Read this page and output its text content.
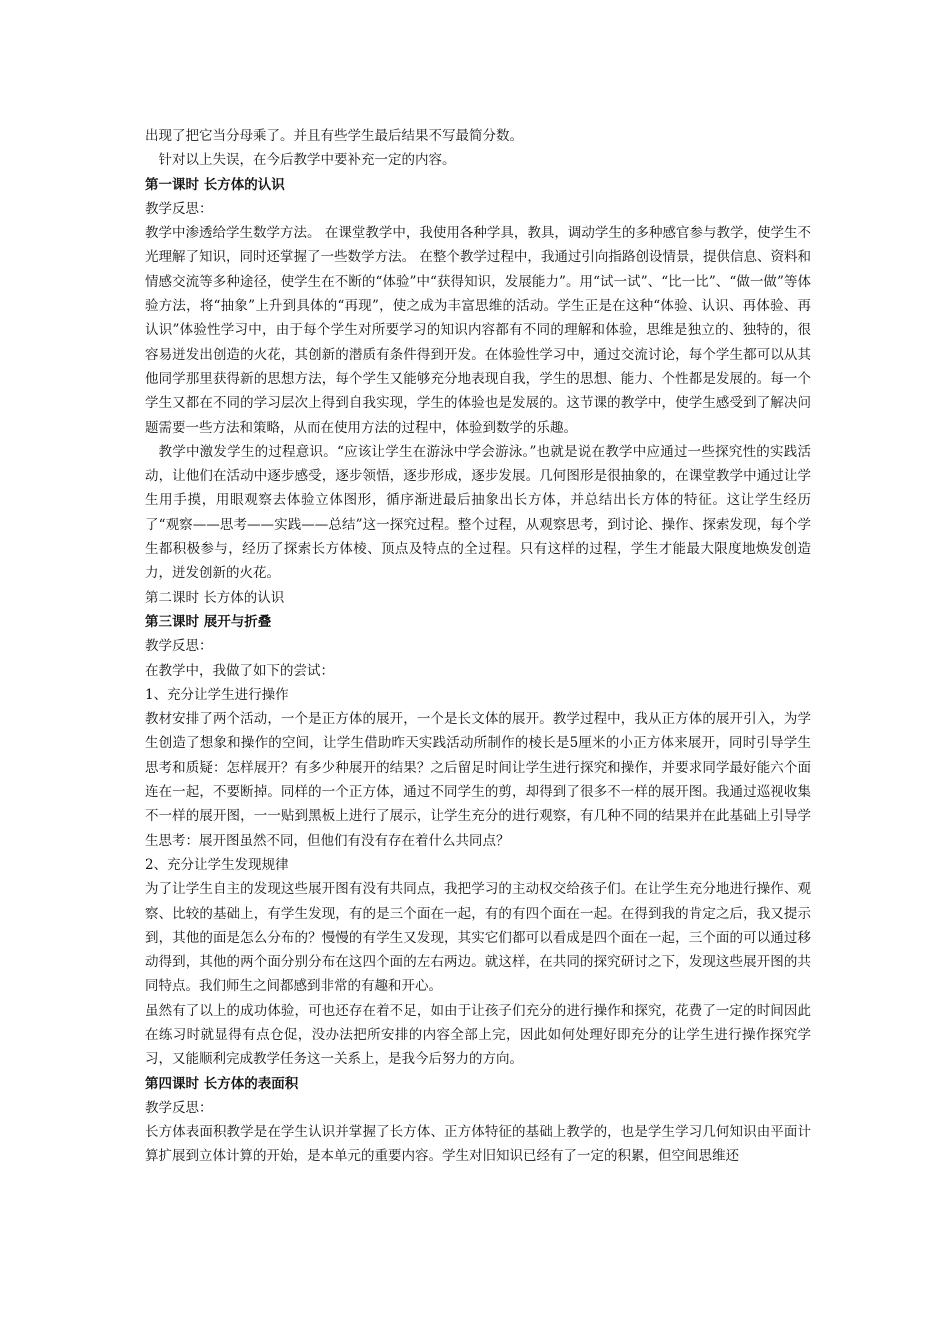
出现了把它当分母乘了。并且有些学生最后结果不写最简分数。

针对以上失误，在今后教学中要补充一定的内容。

第一课时 长方体的认识

教学反思：

教学中渗透给学生数学方法。 在课堂教学中，我使用各种学具，教具，调动学生的多种感官参与教学，使学生不光理解了知识，同时还掌握了一些数学方法。 在整个教学过程中，我通过引向指路创设情景，提供信息、资料和情感交流等多种途径，使学生在不断的“体验”中“获得知识，发展能力”。用“试一试”、“比一比”、“做一做”等体验方法，将“抽象”上升到具体的“再现”，使之成为丰富思维的活动。学生正是在这种“体验、认识、再体验、再认识”体验性学习中，由于每个学生对所要学习的知识内容都有不同的理解和体验，思维是独立的、独特的，很容易迸发出创造的火花，其创新的潜质有条件得到开发。在体验性学习中，通过交流讨论，每个学生都可以从其他同学那里获得新的思想方法，每个学生又能够充分地表现自我，学生的思想、能力、个性都是发展的。每一个学生又都在不同的学习层次上得到自我实现，学生的体验也是发展的。这节课的教学中，使学生感受到了解决问题需要一些方法和策略，从而在使用方法的过程中，体验到数学的乐趣。

教学中激发学生的过程意识。“应该让学生在游泳中学会游泳。”也就是说在教学中应通过一些探究性的实践活动，让他们在活动中逐步感受，逐步领悟，逐步形成，逐步发展。几何图形是很抽象的，在课堂教学中通过让学生用手摸，用眼观察去体验立体图形，循序渐进最后抽象出长方体，并总结出长方体的特征。这让学生经历了“观察——思考——实践——总结”这一探究过程。整个过程，从观察思考，到讨论、操作、探索发现，每个学生都积极参与，经历了探索长方体棱、顶点及特点的全过程。只有这样的过程，学生才能最大限度地焕发创造力，迸发创新的火花。

第二课时 长方体的认识

第三课时 展开与折叠

教学反思：

在教学中，我做了如下的尝试：

1、充分让学生进行操作

教材安排了两个活动，一个是正方体的展开，一个是长文体的展开。教学过程中，我从正方体的展开引入，为学生创造了想象和操作的空间，让学生借助昨天实践活动所制作的棱长是5厘米的小正方体来展开，同时引导学生思考和质疑：怎样展开？有多少种展开的结果？之后留足时间让学生进行探究和操作，并要求同学最好能六个面连在一起，不要断掉。同样的一个正方体，通过不同学生的剪，却得到了很多不一样的展开图。我通过巡视收集不一样的展开图，一一贴到黑板上进行了展示，让学生充分的进行观察，有几种不同的结果并在此基础上引导学生思考：展开图虽然不同，但他们有没有存在着什么共同点？

2、充分让学生发现规律

为了让学生自主的发现这些展开图有没有共同点，我把学习的主动权交给孩子们。在让学生充分地进行操作、观察、比较的基础上，有学生发现，有的是三个面在一起，有的有四个面在一起。在得到我的肯定之后，我又提示到，其他的面是怎么分布的？慢慢的有学生又发现，其实它们都可以看成是四个面在一起，三个面的可以通过移动得到，其他的两个面分别分布在这四个面的左右两边。就这样，在共同的探究研讨之下，发现这些展开图的共同特点。我们师生之间都感到非常的有趣和开心。

虽然有了以上的成功体验，可也还存在着不足，如由于让孩子们充分的进行操作和探究，花费了一定的时间因此在练习时就显得有点仓促，没办法把所安排的内容全部上完，因此如何处理好即充分的让学生进行操作探究学习，又能顺利完成教学任务这一关系上，是我今后努力的方向。

第四课时 长方体的表面积

教学反思：

长方体表面积教学是在学生认识并掌握了长方体、正方体特征的基础上教学的，也是学生学习几何知识由平面计算扩展到立体计算的开始，是本单元的重要内容。学生对旧知识已经有了一定的积累，但空间思维还
